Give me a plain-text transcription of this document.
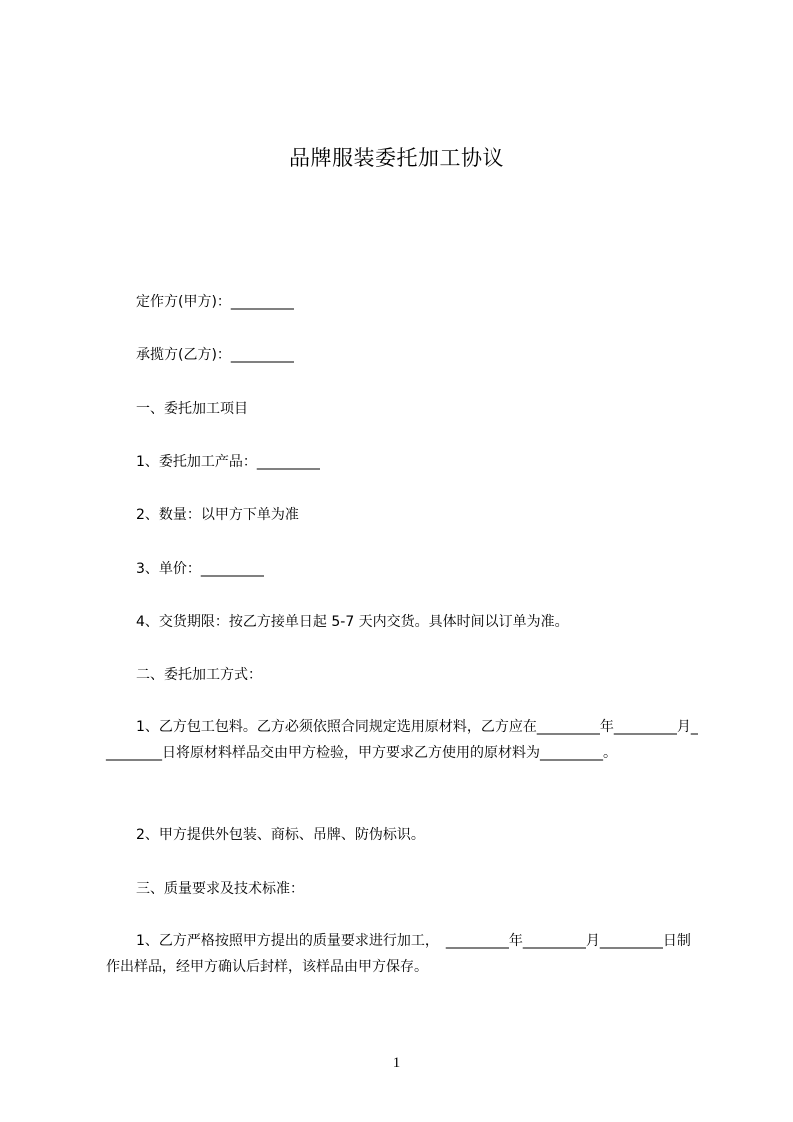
品牌服装委托加工协议

定作方(甲方)：_________

承揽方(乙方)：_________

一、委托加工项目

1、委托加工产品：_________

2、数量：以甲方下单为准

3、单价：_________

4、交货期限：按乙方接单日起 5-7 天内交货。具体时间以订单为准。

二、委托加工方式：

1、乙方包工包料。乙方必须依照合同规定选用原材料，乙方应在_________年_________月_________日将原材料样品交由甲方检验，甲方要求乙方使用的原材料为_________。

2、甲方提供外包装、商标、吊牌、防伪标识。

三、质量要求及技术标准：

1、乙方严格按照甲方提出的质量要求进行加工，　_________年_________月_________日制作出样品，经甲方确认后封样，该样品由甲方保存。

1
